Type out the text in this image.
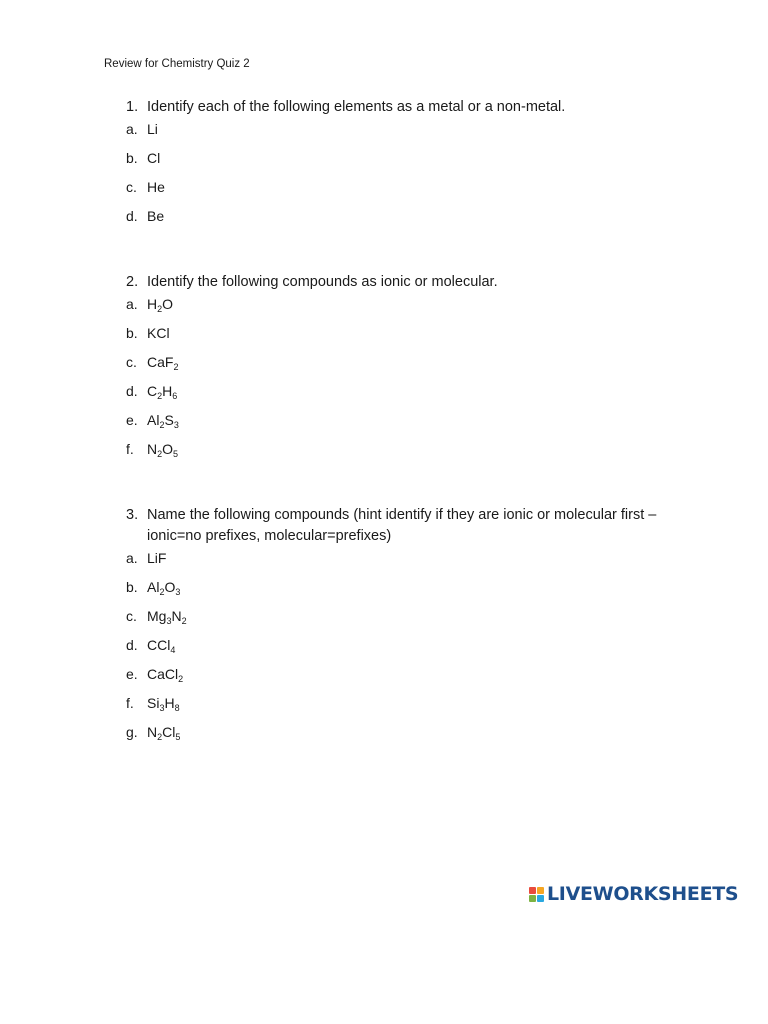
Review for Chemistry Quiz 2

1. Identify each of the following elements as a metal or a non-metal.
a. Li
b. Cl
c. He
d. Be
2. Identify the following compounds as ionic or molecular.
a. $H_2O$
b. KCl
c. CaF$_2$
d. $C_2H_6$
e. $Al_2S_3$
f. $N_2O_5$
3. Name the following compounds (hint identify if they are ionic or molecular first – ionic=no prefixes, molecular=prefixes)
a. LiF
b. $Al_2O_3$
c. $Mg_3N_2$
d. CCl$_4$
e. CaCl$_2$
f. $Si_3H_8$
g. $N_2Cl_5$
LIVEWORKSHEETS
